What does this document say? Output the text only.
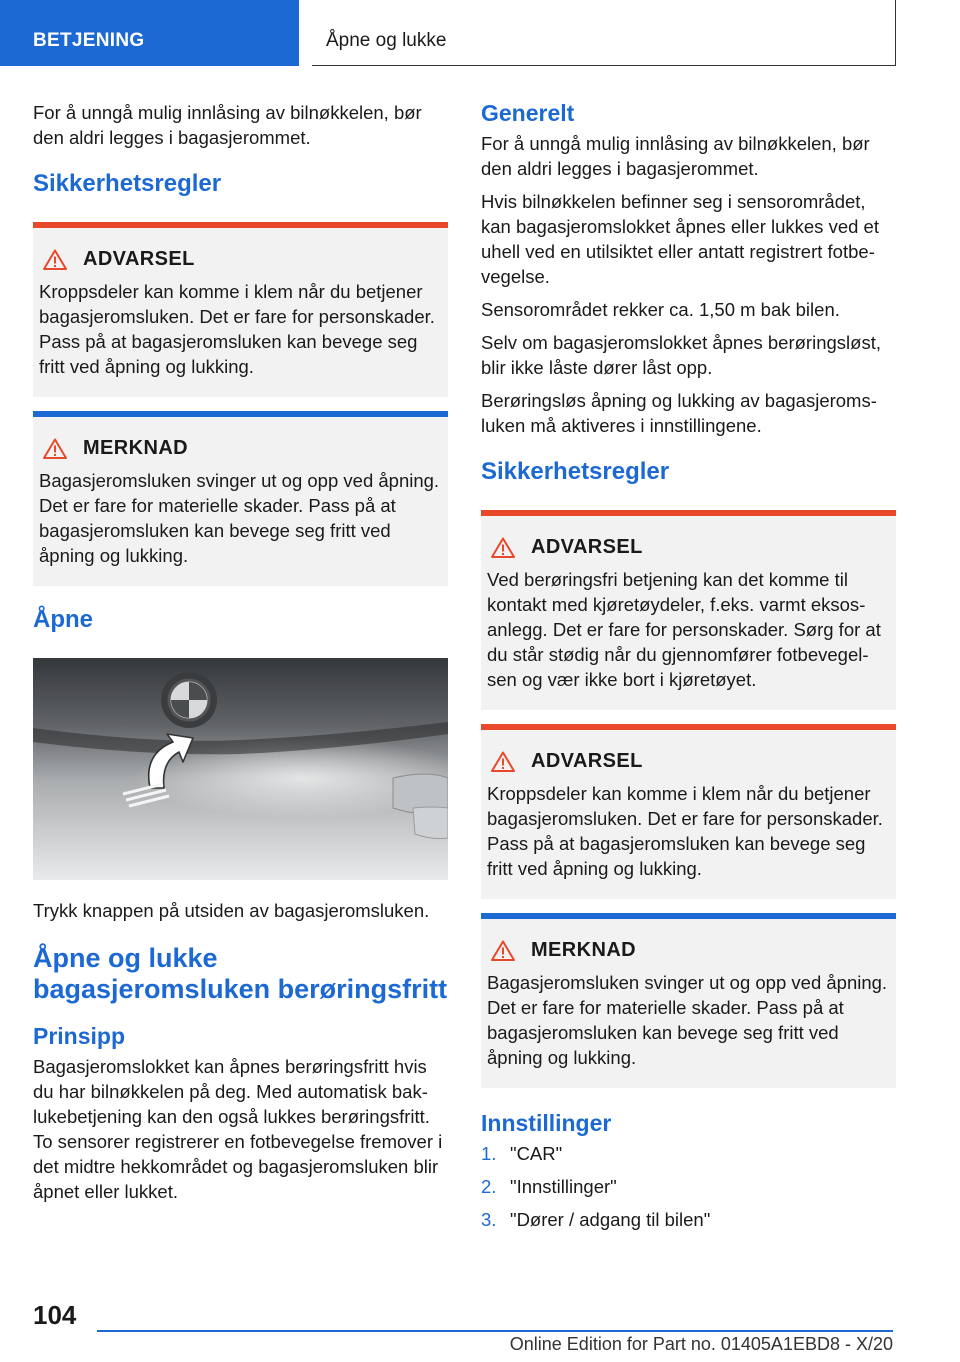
BETJENING	Åpne og lukke

For å unngå mulig innlåsing av bilnøkkelen, bør den aldri legges i bagasjerommet.

Sikkerhetsregler
ADVARSEL

Kroppsdeler kan komme i klem når du betjener bagasjeromsluken. Det er fare for personskader. Pass på at bagasjeromsluken kan bevege seg fritt ved åpning og lukking.

MERKNAD

Bagasjeromsluken svinger ut og opp ved åpning. Det er fare for materielle skader. Pass på at bagasjeromsluken kan bevege seg fritt ved åpning og lukking.

Åpne

Trykk knappen på utsiden av bagasjeromsluken.

Åpne og lukke bagasjeromsluken berøringsfritt
Prinsipp

Bagasjeromslokket kan åpnes berøringsfritt hvis du har bilnøkkelen på deg. Med automatisk baklukebetjening kan den også lukkes berøringsfritt. To sensorer registrerer en fotbevegelse fremover i det midtre hekkområdet og bagasjeromsluken blir åpnet eller lukket.

Generelt

For å unngå mulig innlåsing av bilnøkkelen, bør den aldri legges i bagasjerommet.

Hvis bilnøkkelen befinner seg i sensorområdet, kan bagasjeromslokket åpnes eller lukkes ved et uhell ved en utilsiktet eller antatt registrert fotbevegelse.

Sensorområdet rekker ca. 1,50 m bak bilen.

Selv om bagasjeromslokket åpnes berøringsløst, blir ikke låste dører låst opp.

Berøringsløs åpning og lukking av bagasjeromsluken må aktiveres i innstillingene.

Sikkerhetsregler
ADVARSEL

Ved berøringsfri betjening kan det komme til kontakt med kjøretøydeler, f.eks. varmt eksosanlegg. Det er fare for personskader. Sørg for at du står stødig når du gjennomfører fotbevegelsen og vær ikke bort i kjøretøyet.

ADVARSEL

Kroppsdeler kan komme i klem når du betjener bagasjeromsluken. Det er fare for personskader. Pass på at bagasjeromsluken kan bevege seg fritt ved åpning og lukking.

MERKNAD

Bagasjeromsluken svinger ut og opp ved åpning. Det er fare for materielle skader. Pass på at bagasjeromsluken kan bevege seg fritt ved åpning og lukking.

Innstillinger
1. "CAR"
2. "Innstillinger"
3. "Dører / adgang til bilen"
104
Online Edition for Part no. 01405A1EBD8 - X/20
